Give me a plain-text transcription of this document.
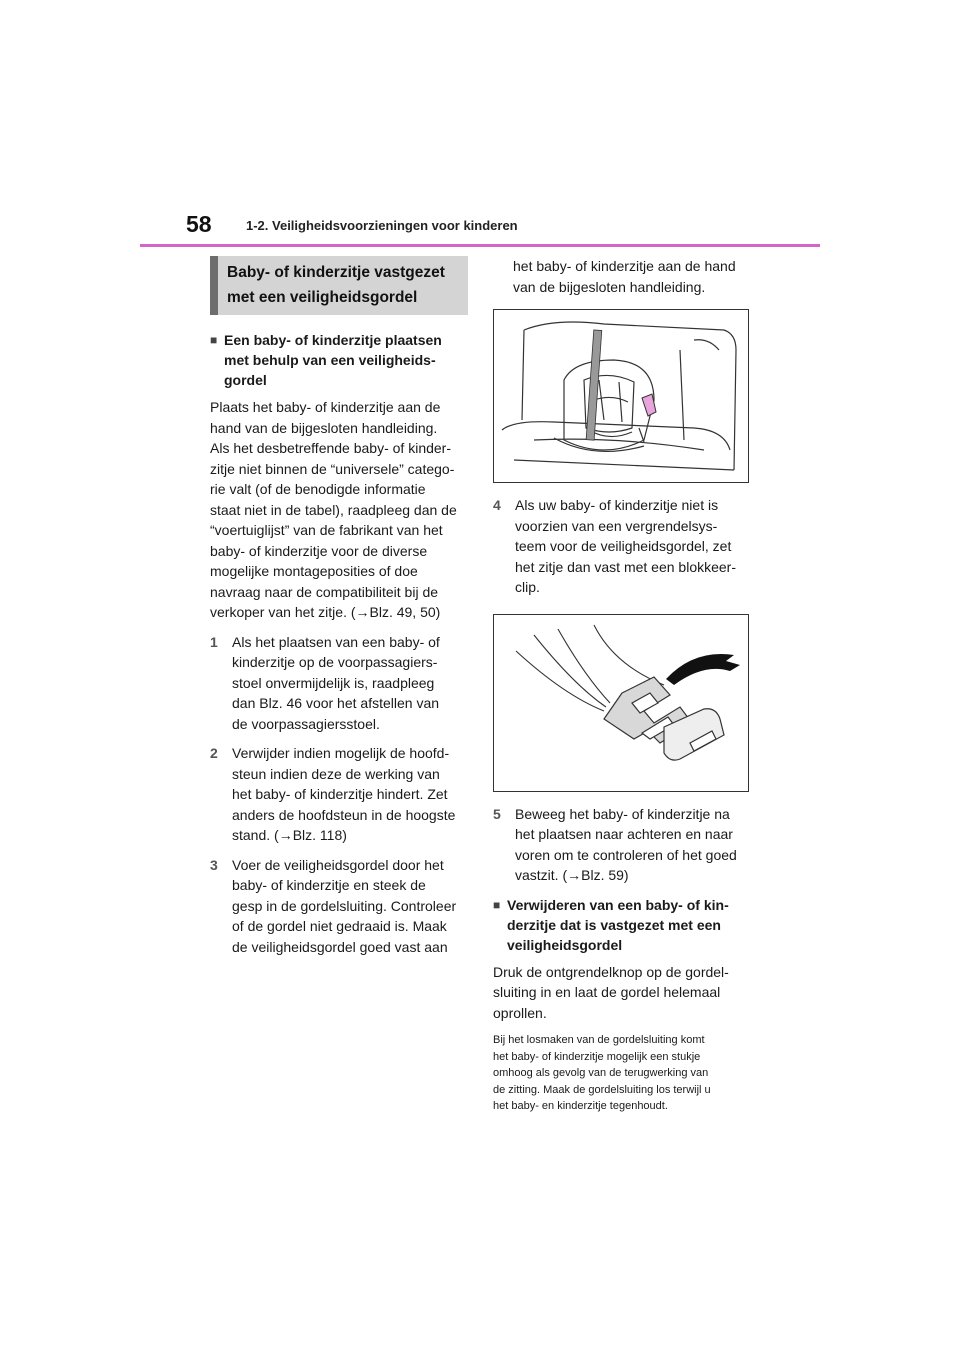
58	1-2. Veiligheidsvoorzieningen voor kinderen
Baby- of kinderzitje vastgezet
met een veiligheidsgordel
■ Een baby- of kinderzitje plaatsen
met behulp van een veiligheids-
gordel
Plaats het baby- of kinderzitje aan de
hand van de bijgesloten handleiding.
Als het desbetreffende baby- of kinder-
zitje niet binnen de “universele” catego-
rie valt (of de benodigde informatie
staat niet in de tabel), raadpleeg dan de
“voertuiglijst” van de fabrikant van het
baby- of kinderzitje voor de diverse
mogelijke montageposities of doe
navraag naar de compatibiliteit bij de
verkoper van het zitje. (→Blz. 49, 50)
1	Als het plaatsen van een baby- of
kinderzitje op de voorpassagiers-
stoel onvermijdelijk is, raadpleeg
dan Blz. 46 voor het afstellen van
de voorpassagiersstoel.
2	Verwijder indien mogelijk de hoofd-
steun indien deze de werking van
het baby- of kinderzitje hindert. Zet
anders de hoofdsteun in de hoogste
stand. (→Blz. 118)
3	Voer de veiligheidsgordel door het
baby- of kinderzitje en steek de
gesp in de gordelsluiting. Controleer
of de gordel niet gedraaid is. Maak
de veiligheidsgordel goed vast aan
het baby- of kinderzitje aan de hand
van de bijgesloten handleiding.
4	Als uw baby- of kinderzitje niet is
voorzien van een vergrendelsys-
teem voor de veiligheidsgordel, zet
het zitje dan vast met een blokkeer-
clip.
5	Beweeg het baby- of kinderzitje na
het plaatsen naar achteren en naar
voren om te controleren of het goed
vastzit. (→Blz. 59)
■ Verwijderen van een baby- of kin-
derzitje dat is vastgezet met een
veiligheidsgordel
Druk de ontgrendelknop op de gordel-
sluiting in en laat de gordel helemaal
oprollen.
Bij het losmaken van de gordelsluiting komt
het baby- of kinderzitje mogelijk een stukje
omhoog als gevolg van de terugwerking van
de zitting. Maak de gordelsluiting los terwijl u
het baby- en kinderzitje tegenhoudt.
